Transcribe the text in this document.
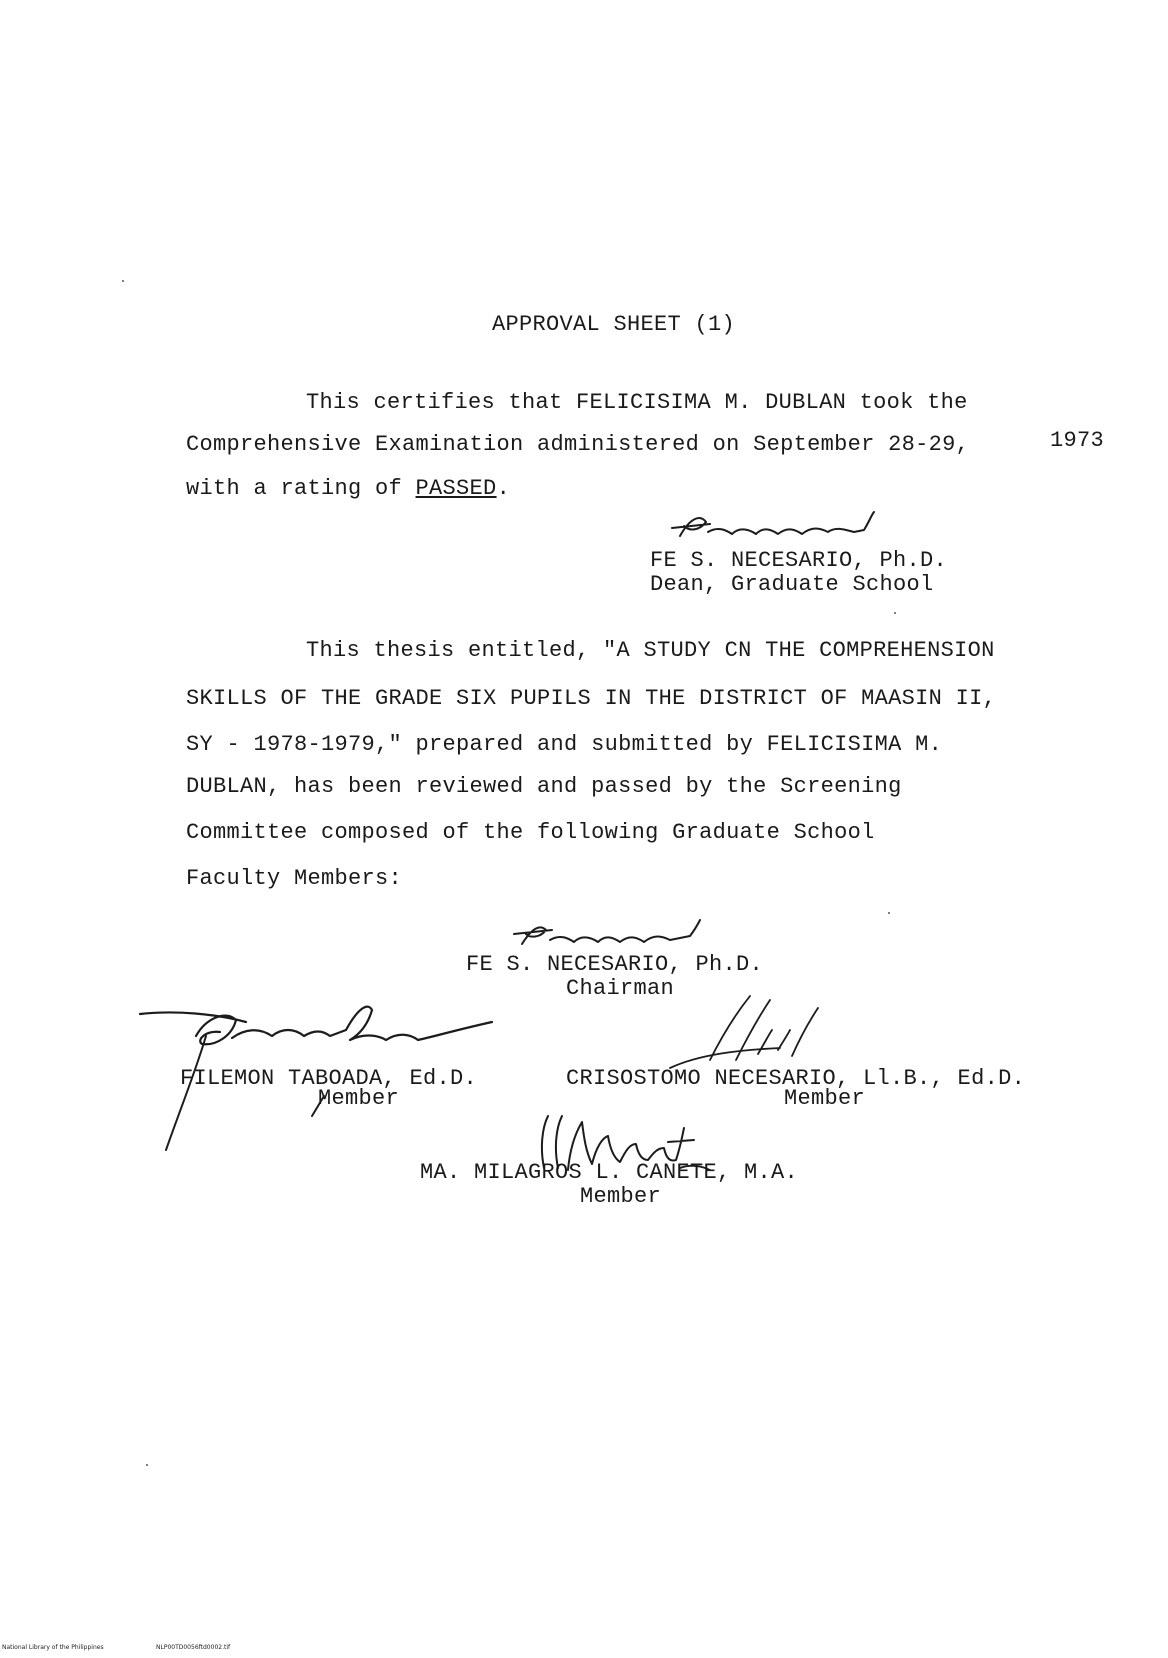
APPROVAL SHEET (1)
This certifies that FELICISIMA M. DUBLAN took the
Comprehensive Examination administered on September 28-29,	1973
with a rating of PASSED.
FE S. NECESARIO, Ph.D.
Dean, Graduate School
This thesis entitled, "A STUDY CN THE COMPREHENSION
SKILLS OF THE GRADE SIX PUPILS IN THE DISTRICT OF MAASIN II,
SY - 1978-1979," prepared and submitted by FELICISIMA M.
DUBLAN, has been reviewed and passed by the Screening
Committee composed of the following Graduate School
Faculty Members:
FE S. NECESARIO, Ph.D.
Chairman
FILEMON TABOADA, Ed.D.
Member
CRISOSTOMO NECESARIO, Ll.B., Ed.D.
Member
MA. MILAGROS L. CANETE, M.A.
Member
National Library of the Philippines	NLP00TD0056ftd0002.tif
